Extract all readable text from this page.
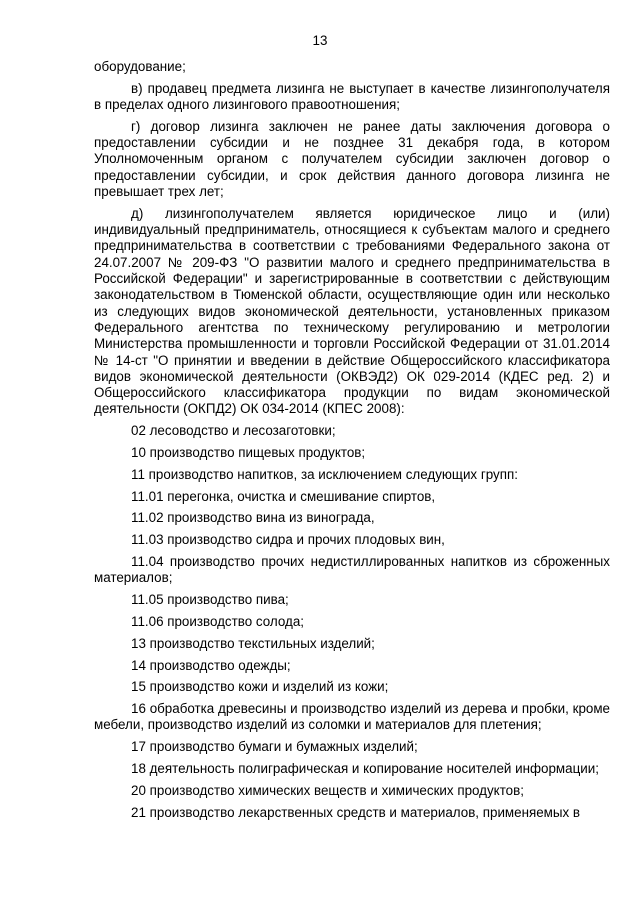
13

оборудование;

в) продавец предмета лизинга не выступает в качестве лизингополучателя в пределах одного лизингового правоотношения;

г) договор лизинга заключен не ранее даты заключения договора о предоставлении субсидии и не позднее 31 декабря года, в котором Уполномоченным органом с получателем субсидии заключен договор о предоставлении субсидии, и срок действия данного договора лизинга не превышает трех лет;

д) лизингополучателем является юридическое лицо и (или) индивидуальный предприниматель, относящиеся к субъектам малого и среднего предпринимательства в соответствии с требованиями Федерального закона от 24.07.2007 № 209-ФЗ "О развитии малого и среднего предпринимательства в Российской Федерации" и зарегистрированные в соответствии с действующим законодательством в Тюменской области, осуществляющие один или несколько из следующих видов экономической деятельности, установленных приказом Федерального агентства по техническому регулированию и метрологии Министерства промышленности и торговли Российской Федерации от 31.01.2014 № 14-ст "О принятии и введении в действие Общероссийского классификатора видов экономической деятельности (ОКВЭД2) ОК 029-2014 (КДЕС ред. 2) и Общероссийского классификатора продукции по видам экономической деятельности (ОКПД2) ОК 034-2014 (КПЕС 2008):

02 лесоводство и лесозаготовки;

10 производство пищевых продуктов;

11 производство напитков, за исключением следующих групп:

11.01 перегонка, очистка и смешивание спиртов,

11.02 производство вина из винограда,

11.03 производство сидра и прочих плодовых вин,

11.04 производство прочих недистиллированных напитков из сброженных материалов;

11.05 производство пива;

11.06 производство солода;

13 производство текстильных изделий;

14 производство одежды;

15 производство кожи и изделий из кожи;

16 обработка древесины и производство изделий из дерева и пробки, кроме мебели, производство изделий из соломки и материалов для плетения;

17 производство бумаги и бумажных изделий;

18 деятельность полиграфическая и копирование носителей информации;

20 производство химических веществ и химических продуктов;

21 производство лекарственных средств и материалов, применяемых в
